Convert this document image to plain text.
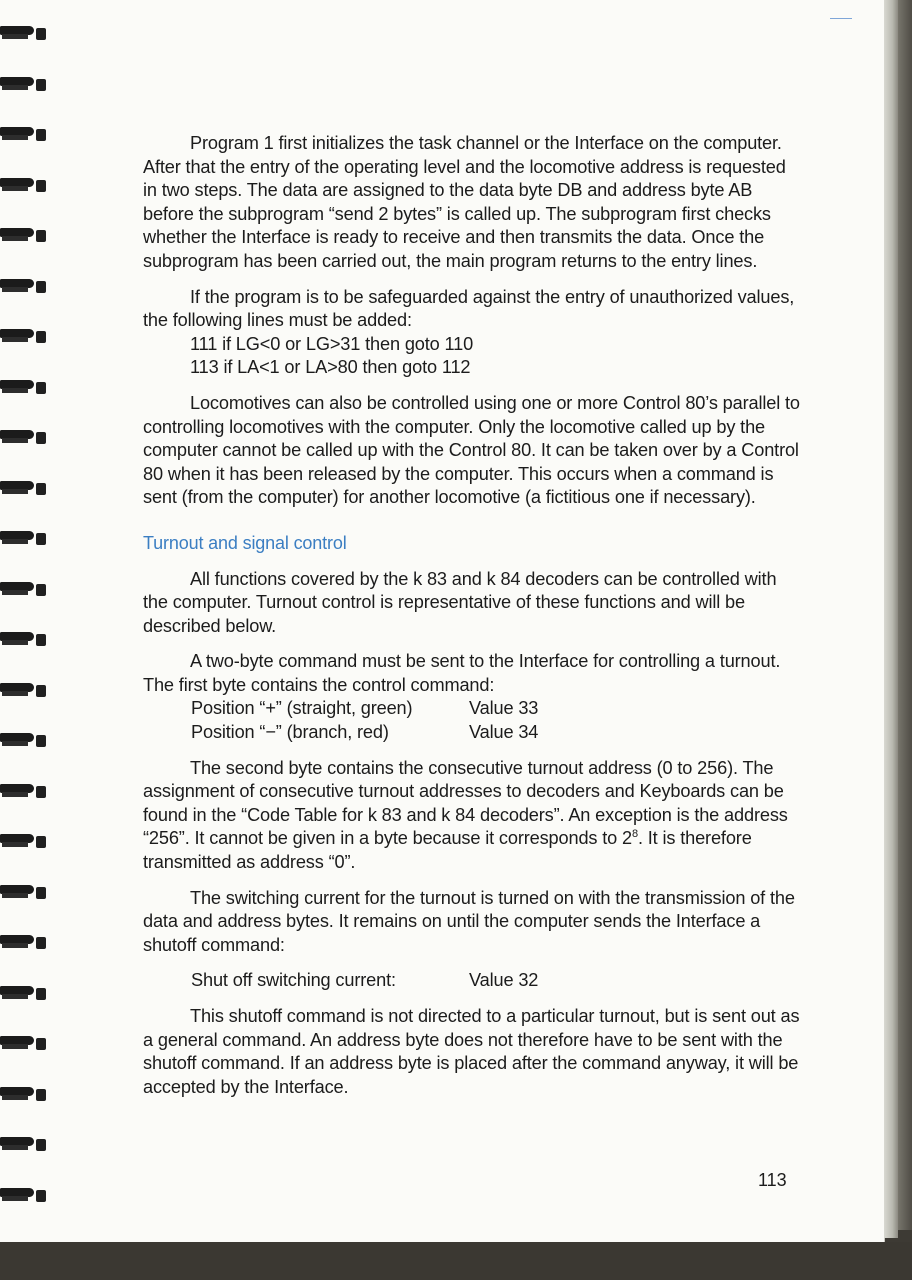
Program 1 first initializes the task channel or the Interface on the computer. After that the entry of the operating level and the locomotive address is requested in two steps. The data are assigned to the data byte DB and address byte AB before the subprogram “send 2 bytes” is called up. The subprogram first checks whether the Interface is ready to receive and then transmits the data. Once the subprogram has been carried out, the main program returns to the entry lines.

If the program is to be safeguarded against the entry of unauthorized values, the following lines must be added:

111 if LG<0 or LG>31 then goto 110
113 if LA<1 or LA>80 then goto 112

Locomotives can also be controlled using one or more Control 80’s parallel to controlling locomotives with the computer. Only the locomotive called up by the computer cannot be called up with the Control 80. It can be taken over by a Control 80 when it has been released by the computer. This occurs when a command is sent (from the computer) for another locomotive (a fictitious one if necessary).

Turnout and signal control

All functions covered by the k 83 and k 84 decoders can be controlled with the computer. Turnout control is representative of these functions and will be described below.

A two-byte command must be sent to the Interface for controlling a turnout. The first byte contains the control command:

Position “+” (straight, green)	Value 33
Position “−” (branch, red)	Value 34

The second byte contains the consecutive turnout address (0 to 256). The assignment of consecutive turnout addresses to decoders and Keyboards can be found in the “Code Table for k 83 and k 84 decoders”. An exception is the address “256”. It cannot be given in a byte because it corresponds to $2^8$. It is therefore transmitted as address “0”.

The switching current for the turnout is turned on with the transmission of the data and address bytes. It remains on until the computer sends the Interface a shutoff command:

Shut off switching current:	Value 32

This shutoff command is not directed to a particular turnout, but is sent out as a general command. An address byte does not therefore have to be sent with the shutoff command. If an address byte is placed after the command anyway, it will be accepted by the Interface.

113
